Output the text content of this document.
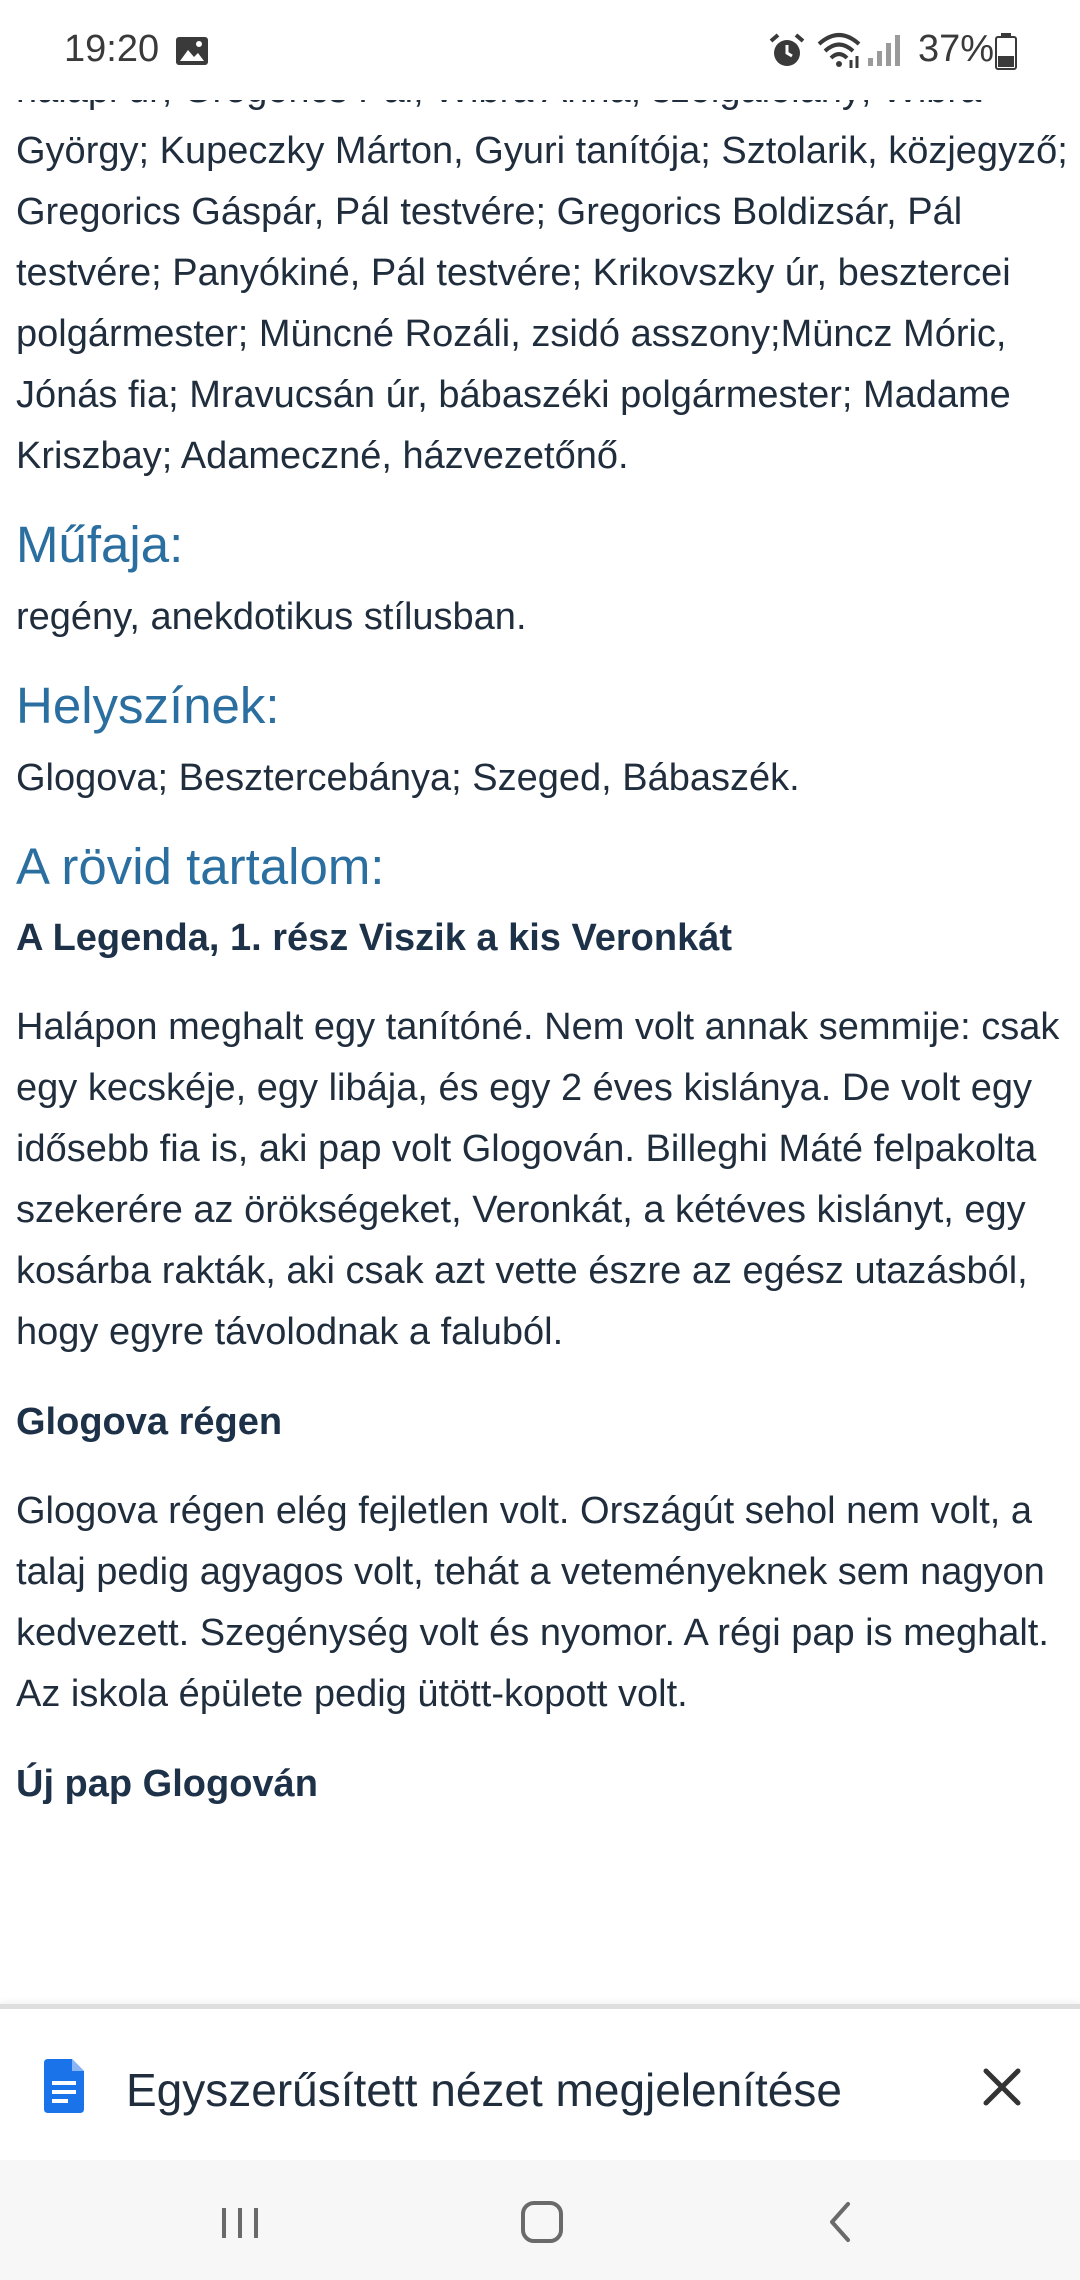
19:20	37%

György; Kupeczky Márton, Gyuri tanítója; Sztolarik, közjegyző; Gregorics Gáspár, Pál testvére; Gregorics Boldizsár, Pál testvére; Panyókiné, Pál testvére; Krikovszky úr, besztercei polgármester; Müncné Rozáli, zsidó asszony;Müncz Móric, Jónás fia; Mravucsán úr, bábaszéki polgármester; Madame Kriszbay; Adameczné, házvezetőnő.

Műfaja:

regény, anekdotikus stílusban.

Helyszínek:

Glogova; Besztercebánya; Szeged, Bábaszék.

A rövid tartalom:
A Legenda, 1. rész Viszik a kis Veronkát

Halápon meghalt egy tanítóné. Nem volt annak semmije: csak egy kecskéje, egy libája, és egy 2 éves kislánya. De volt egy idősebb fia is, aki pap volt Glogován. Billeghi Máté felpakolta szekerére az örökségeket, Veronkát, a kétéves kislányt, egy kosárba rakták, aki csak azt vette észre az egész utazásból, hogy egyre távolodnak a faluból.

Glogova régen

Glogova régen elég fejletlen volt. Országút sehol nem volt, a talaj pedig agyagos volt, tehát a veteményeknek sem nagyon kedvezett. Szegénység volt és nyomor. A régi pap is meghalt. Az iskola épülete pedig ütött-kopott volt.

Új pap Glogován
Egyszerűsített nézet megjelenítése
